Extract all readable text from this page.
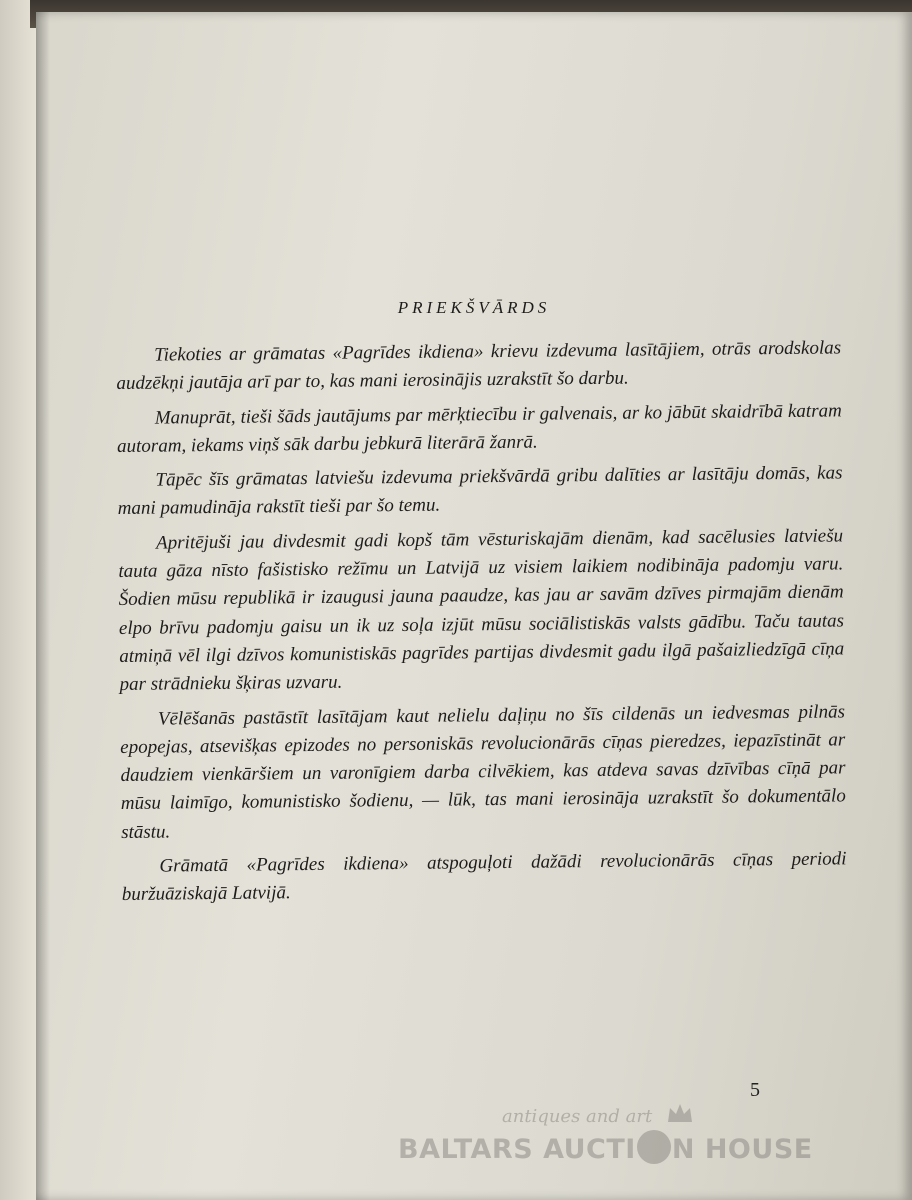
PRIEKŠVĀRDS

Tiekoties ar grāmatas «Pagrīdes ikdiena» krievu izdevuma lasītājiem, otrās arodskolas audzēkņi jautāja arī par to, kas mani ierosinājis uzrakstīt šo darbu.

Manuprāt, tieši šāds jautājums par mērķtiecību ir galvenais, ar ko jābūt skaidrībā katram autoram, iekams viņš sāk darbu jebkurā literārā žanrā.

Tāpēc šīs grāmatas latviešu izdevuma priekšvārdā gribu dalīties ar lasītāju domās, kas mani pamudināja rakstīt tieši par šo temu.

Apritējuši jau divdesmit gadi kopš tām vēsturiskajām dienām, kad sacēlusies latviešu tauta gāza nīsto fašistisko režīmu un Latvijā uz visiem laikiem nodibināja padomju varu. Šodien mūsu republikā ir izaugusi jauna paaudze, kas jau ar savām dzīves pirmajām dienām elpo brīvu padomju gaisu un ik uz soļa izjūt mūsu sociālistiskās valsts gādību. Taču tautas atmiņā vēl ilgi dzīvos komunistiskās pagrīdes partijas divdesmit gadu ilgā pašaizliedzīgā cīņa par strādnieku šķiras uzvaru.

Vēlēšanās pastāstīt lasītājam kaut nelielu daļiņu no šīs cildenās un iedvesmas pilnās epopejas, atsevišķas epizodes no personiskās revolucionārās cīņas pieredzes, iepazīstināt ar daudziem vienkāršiem un varonīgiem darba cilvēkiem, kas atdeva savas dzīvības cīņā par mūsu laimīgo, komunistisko šodienu, — lūk, tas mani ierosināja uzrakstīt šo dokumentālo stāstu.

Grāmatā «Pagrīdes ikdiena» atspoguļoti dažādi revolucionārās cīņas periodi buržuāziskajā Latvijā.

5
antiques and art
BALTARS AUCTI N HOUSE
